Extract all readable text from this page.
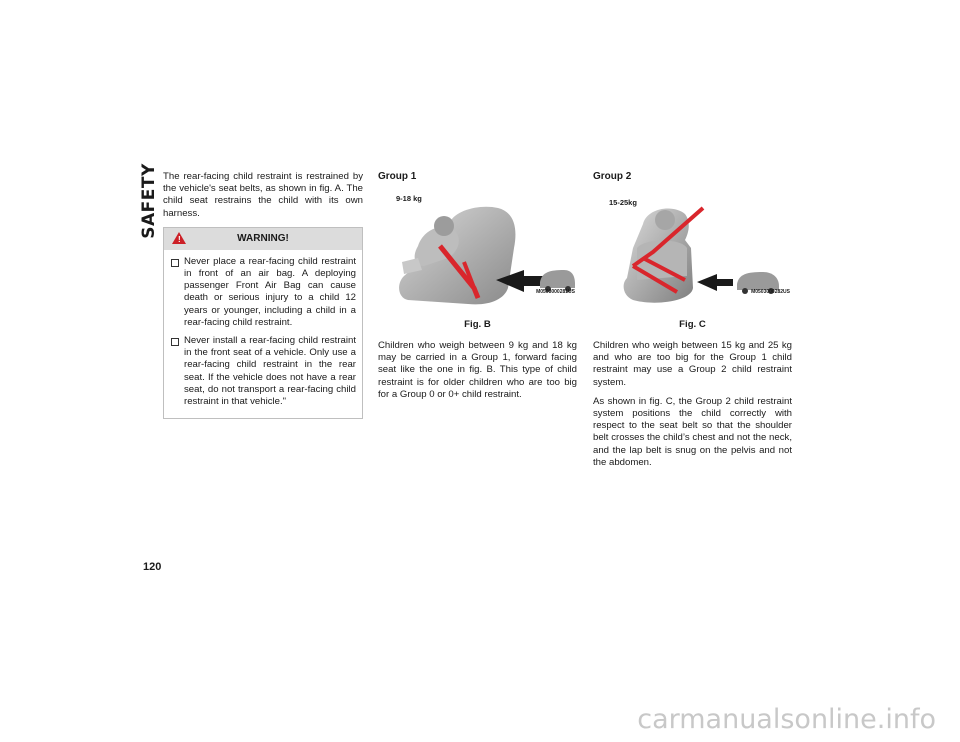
SAFETY The rear-facing child restraint is restrained by the vehicle's seat belts, as shown in fig. A. The child seat restrains the child with its own harness.

!	WARNING!
Never place a rear-facing child restraint in front of an air bag. A deploying passenger Front Air Bag can cause death or serious injury to a child 12 years or younger, including a child in a rear-facing child restraint.
Never install a rear-facing child restraint in the front seat of a vehicle. Only use a rear-facing child restraint in the rear seat. If the vehicle does not have a rear seat, do not transport a rear-facing child restraint in that vehicle."
Group 1
9-18 kg
M0503000281US
Fig. B

Children who weigh between 9 kg and 18 kg may be carried in a Group 1, forward facing seat like the one in fig. B. This type of child restraint is for older children who are too big for a Group 0 or 0+ child restraint.

Group 2
15-25kg
M0503000282US
Fig. C

Children who weigh between 15 kg and 25 kg and who are too big for the Group 1 child restraint may use a Group 2 child restraint system.

As shown in fig. C, the Group 2 child restraint system positions the child correctly with respect to the seat belt so that the shoulder belt crosses the child’s chest and not the neck, and the lap belt is snug on the pelvis and not the abdomen.

120
carmanualsonline.info
